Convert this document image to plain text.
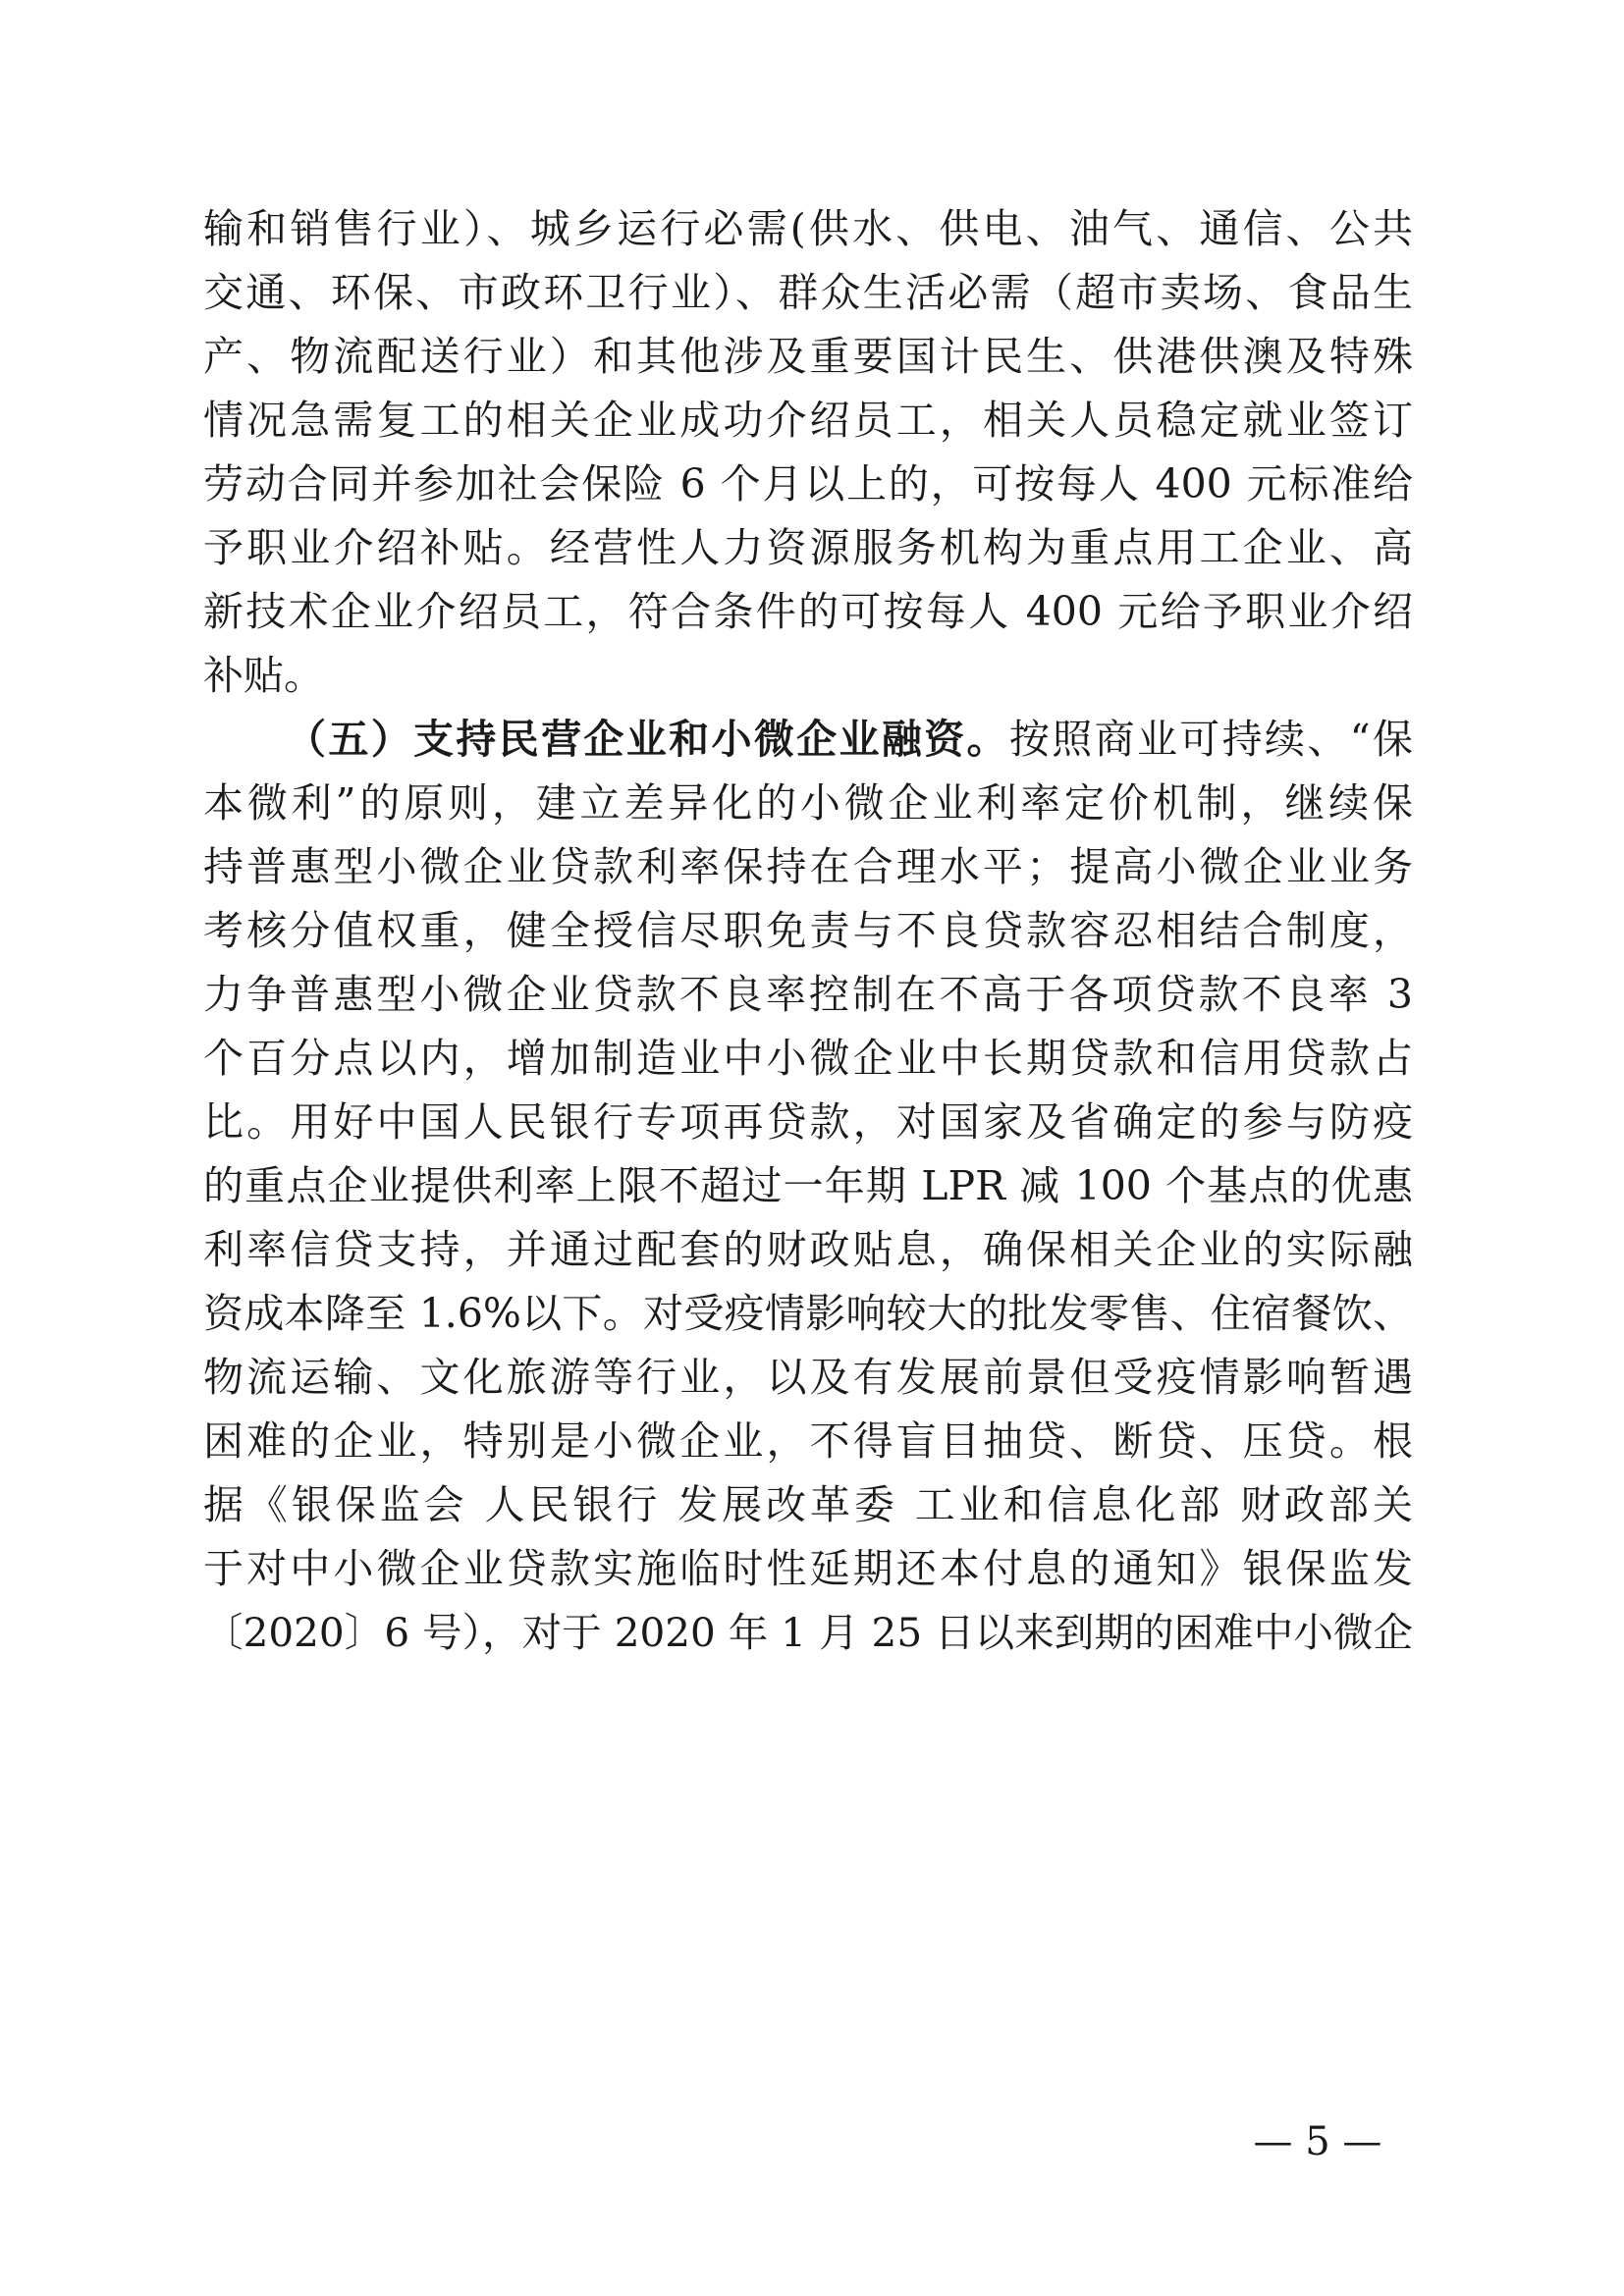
输和销售行业）、城乡运行必需(供水、供电、油气、通信、公共
交通、环保、市政环卫行业）、群众生活必需（超市卖场、食品生
产、物流配送行业）和其他涉及重要国计民生、供港供澳及特殊
情况急需复工的相关企业成功介绍员工，相关人员稳定就业签订
劳动合同并参加社会保险 6 个月以上的，可按每人 400 元标准给
予职业介绍补贴。经营性人力资源服务机构为重点用工企业、高
新技术企业介绍员工，符合条件的可按每人 400 元给予职业介绍
补贴。
（五）支持民营企业和小微企业融资。按照商业可持续、“保
本微利”的原则，建立差异化的小微企业利率定价机制，继续保
持普惠型小微企业贷款利率保持在合理水平；提高小微企业业务
考核分值权重，健全授信尽职免责与不良贷款容忍相结合制度，
力争普惠型小微企业贷款不良率控制在不高于各项贷款不良率 3
个百分点以内，增加制造业中小微企业中长期贷款和信用贷款占
比。用好中国人民银行专项再贷款，对国家及省确定的参与防疫
的重点企业提供利率上限不超过一年期 LPR 减 100 个基点的优惠
利率信贷支持，并通过配套的财政贴息，确保相关企业的实际融
资成本降至 1.6%以下。对受疫情影响较大的批发零售、住宿餐饮、
物流运输、文化旅游等行业，以及有发展前景但受疫情影响暂遇
困难的企业，特别是小微企业，不得盲目抽贷、断贷、压贷。根
据《银保监会 人民银行 发展改革委 工业和信息化部 财政部关
于对中小微企业贷款实施临时性延期还本付息的通知》银保监发
〔2020〕6 号），对于 2020 年 1 月 25 日以来到期的困难中小微企
— 5 —
